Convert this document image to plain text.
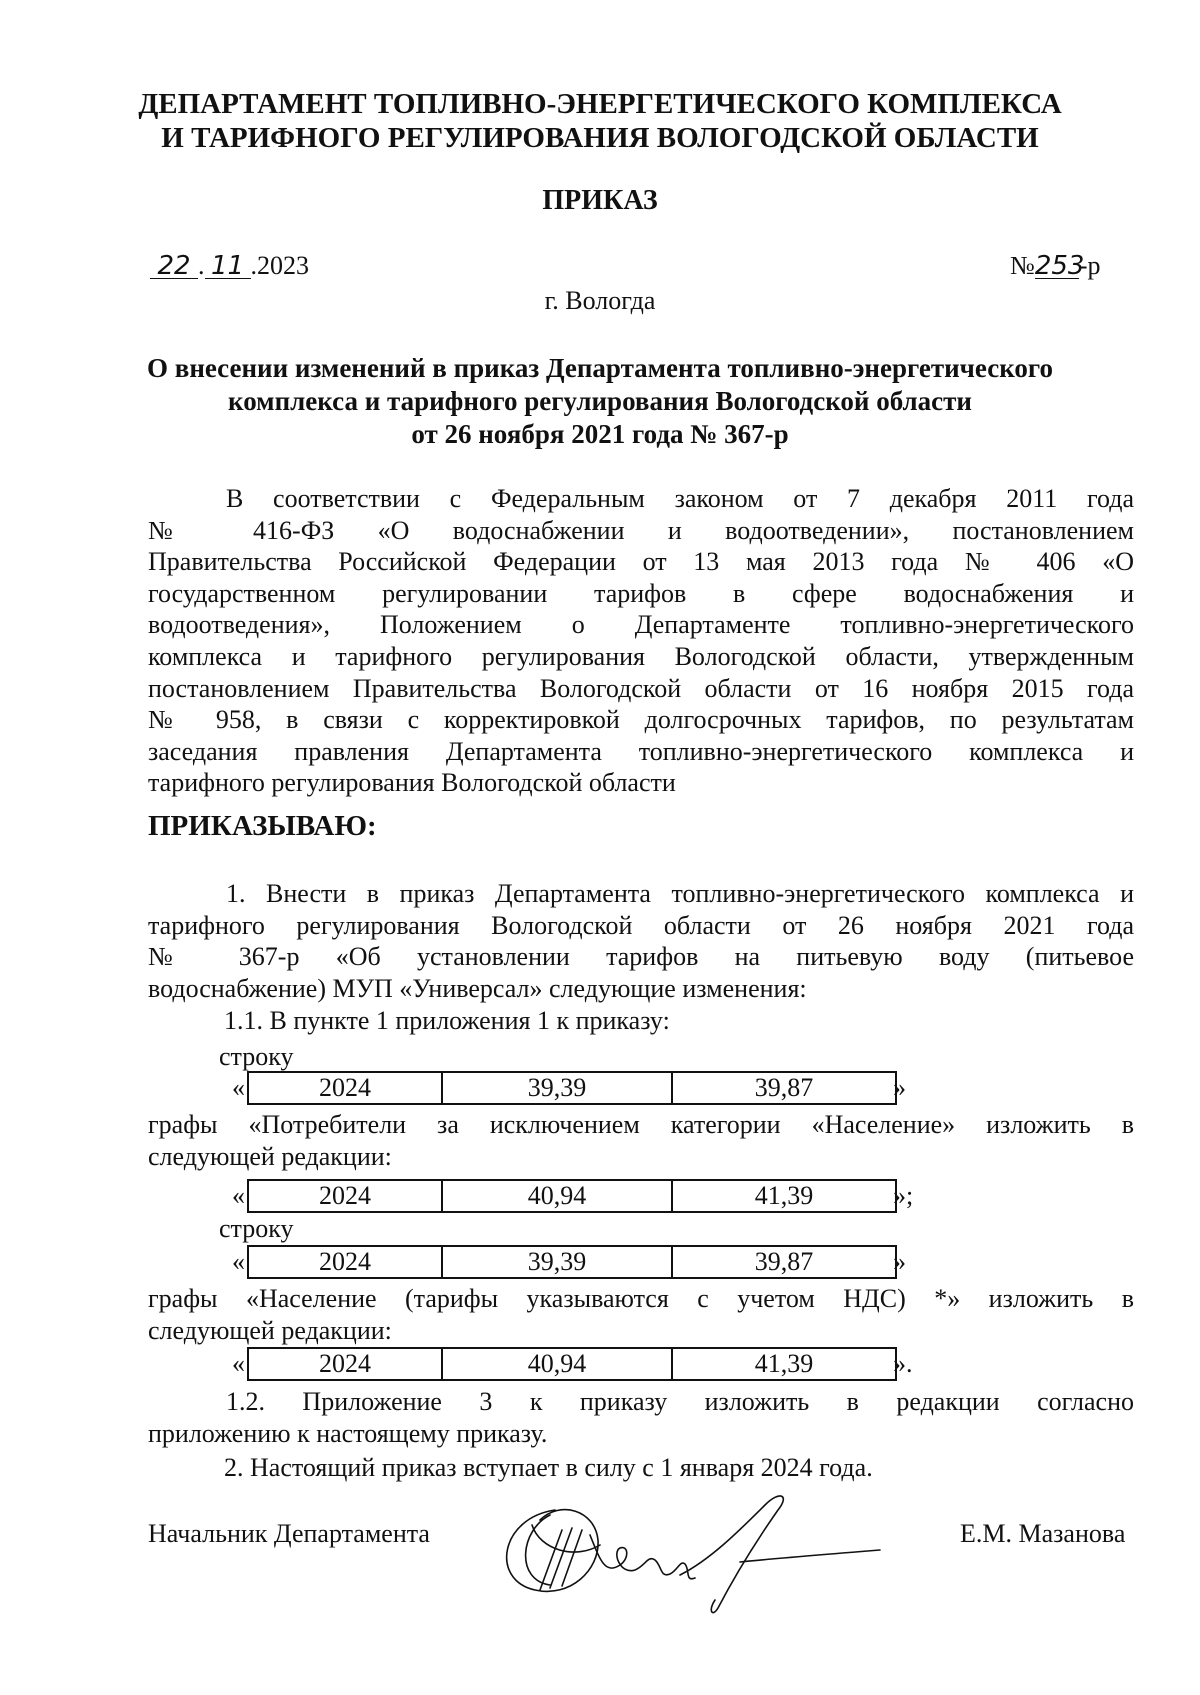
ДЕПАРТАМЕНТ ТОПЛИВНО-ЭНЕРГЕТИЧЕСКОГО КОМПЛЕКСА
И ТАРИФНОГО РЕГУЛИРОВАНИЯ ВОЛОГОДСКОЙ ОБЛАСТИ
ПРИКАЗ
22 . 11 .2023	№253-р
г. Вологда
О внесении изменений в приказ Департамента топливно-энергетического
комплекса и тарифного регулирования Вологодской области
от 26 ноября 2021 года № 367-р
В соответствии с Федеральным законом от 7 декабря 2011 года
№ 416-ФЗ «О водоснабжении и водоотведении», постановлением
Правительства Российской Федерации от 13 мая 2013 года № 406 «О
государственном регулировании тарифов в сфере водоснабжения и
водоотведения», Положением о Департаменте топливно-энергетического
комплекса и тарифного регулирования Вологодской области, утвержденным
постановлением Правительства Вологодской области от 16 ноября 2015 года
№ 958, в связи с корректировкой долгосрочных тарифов, по результатам
заседания правления Департамента топливно-энергетического комплекса и
тарифного регулирования Вологодской области
ПРИКАЗЫВАЮ:
1. Внести в приказ Департамента топливно-энергетического комплекса и
тарифного регулирования Вологодской области от 26 ноября 2021 года
№ 367-р «Об установлении тарифов на питьевую воду (питьевое
водоснабжение) МУП «Универсал» следующие изменения:
1.1. В пункте 1 приложения 1 к приказу:
строку
«	2024	39,39	39,87	»
графы «Потребители за исключением категории «Население» изложить в
следующей редакции:
«	2024	40,94	41,39	»;
строку
«	2024	39,39	39,87	»
графы «Население (тарифы указываются с учетом НДС) *» изложить в
следующей редакции:
«	2024	40,94	41,39	».
1.2. Приложение 3 к приказу изложить в редакции согласно
приложению к настоящему приказу.
2. Настоящий приказ вступает в силу с 1 января 2024 года.
Начальник Департамента	Е.М. Мазанова
